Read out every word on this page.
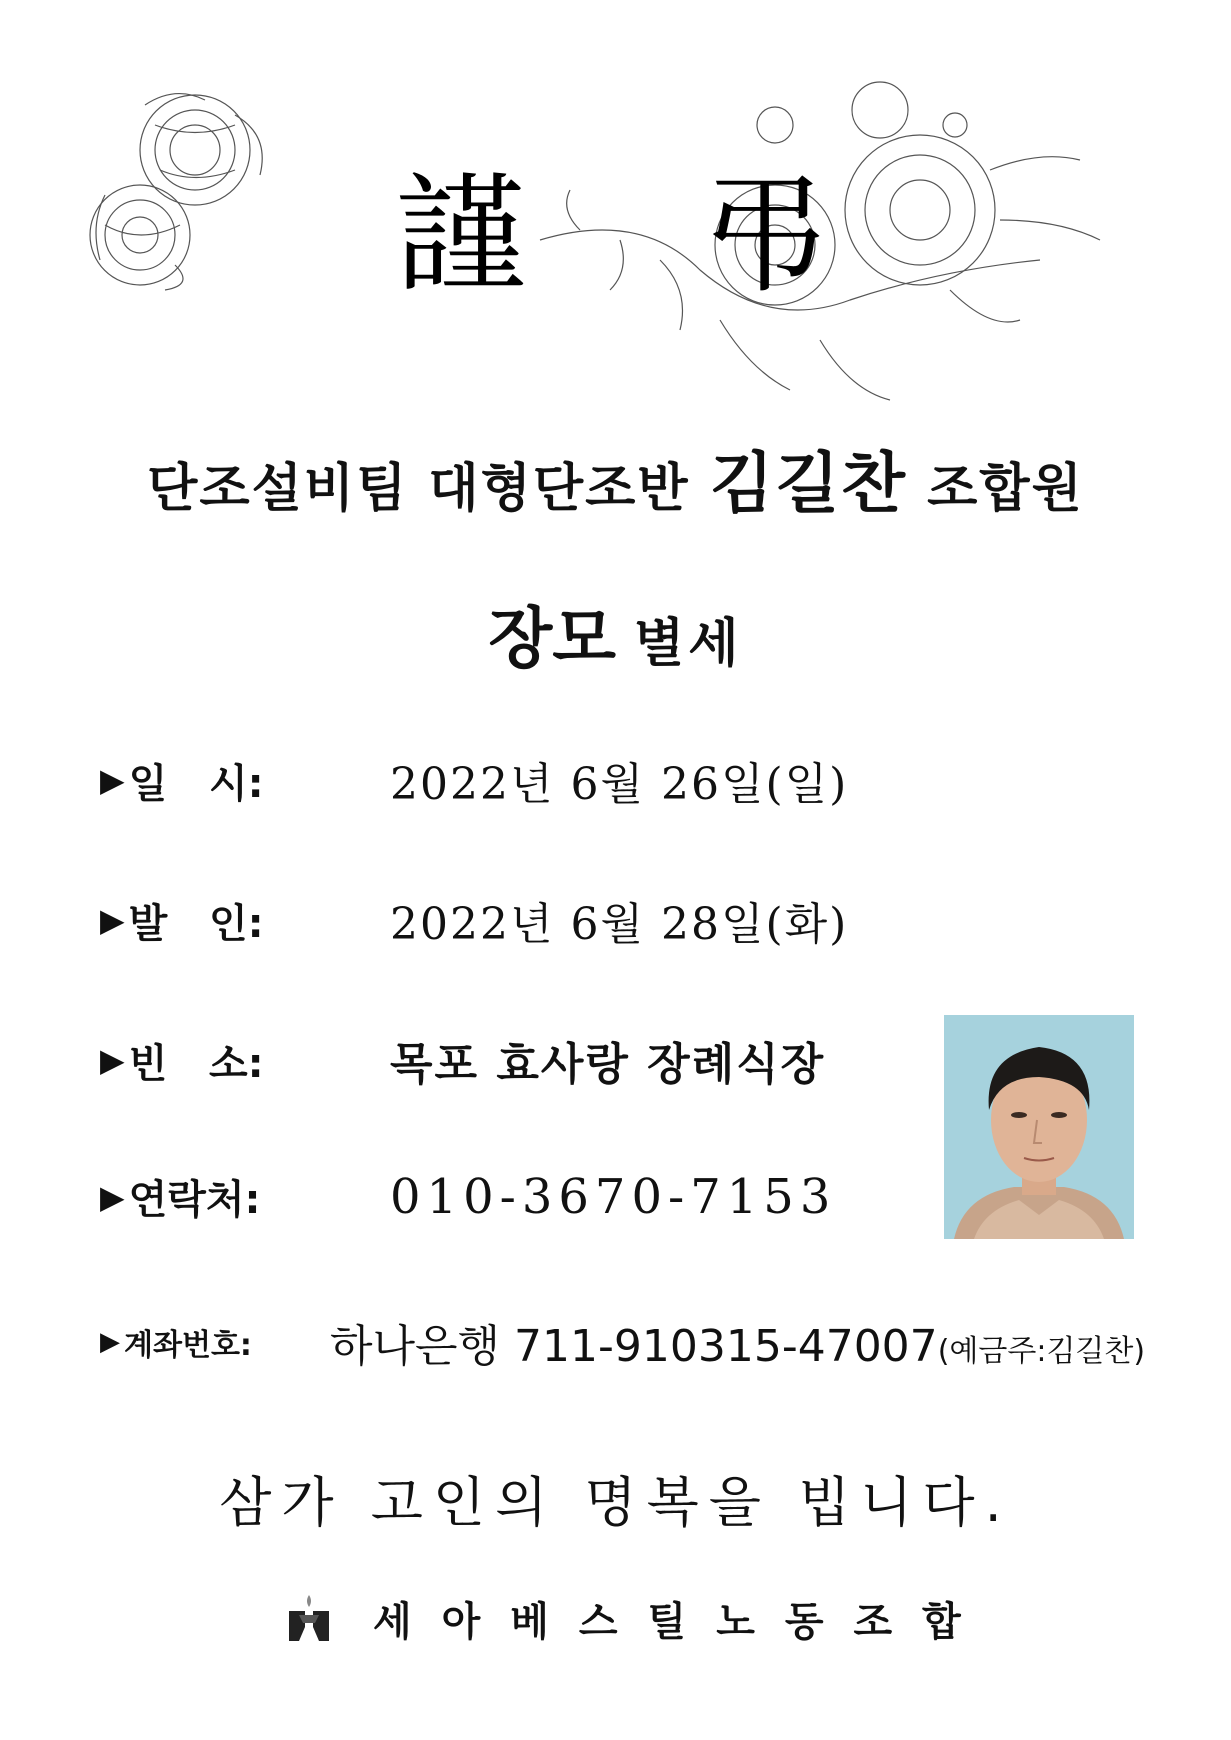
謹 弔
단조설비팀 대형단조반 김길찬 조합원
장모 별세
▶ 일   시:	2022년 6월 26일(일)
▶ 발   인:	2022년 6월 28일(화)
▶ 빈   소:	목포 효사랑 장례식장
▶ 연락처:	010-3670-7153
▶ 계좌번호: 하나은행 711-910315-47007(예금주:김길찬)
삼가 고인의 명복을 빕니다.
세아베스틸노동조합
